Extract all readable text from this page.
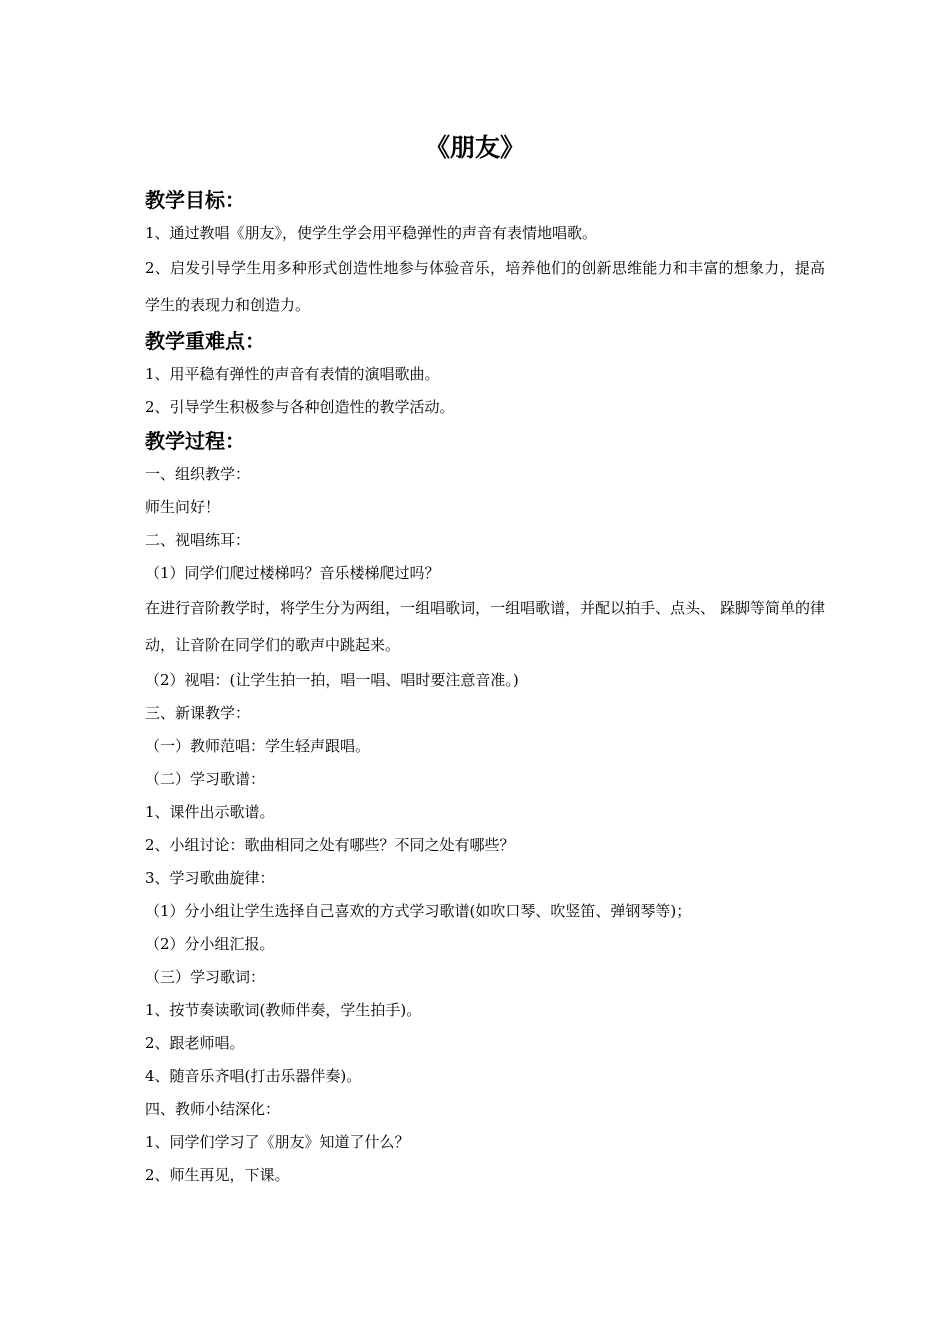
《朋友》
教学目标：

1、通过教唱《朋友》，使学生学会用平稳弹性的声音有表情地唱歌。

2、启发引导学生用多种形式创造性地参与体验音乐，培养他们的创新思维能力和丰富的想象力，提高学生的表现力和创造力。

教学重难点：

1、用平稳有弹性的声音有表情的演唱歌曲。

2、引导学生积极参与各种创造性的教学活动。

教学过程：

一、组织教学：

师生问好！

二、视唱练耳：

（1）同学们爬过楼梯吗？音乐楼梯爬过吗？

在进行音阶教学时，将学生分为两组，一组唱歌词，一组唱歌谱，并配以拍手、点头、 跺脚等简单的律动，让音阶在同学们的歌声中跳起来。

（2）视唱：(让学生拍一拍，唱一唱、唱时要注意音准。)

三、新课教学：

（一）教师范唱：学生轻声跟唱。

（二）学习歌谱：

1、课件出示歌谱。

2、小组讨论：歌曲相同之处有哪些？不同之处有哪些？

3、学习歌曲旋律：

（1）分小组让学生选择自己喜欢的方式学习歌谱(如吹口琴、吹竖笛、弹钢琴等)；

（2）分小组汇报。

（三）学习歌词：

1、按节奏读歌词(教师伴奏，学生拍手)。

2、跟老师唱。

4、随音乐齐唱(打击乐器伴奏)。

四、教师小结深化：

1、同学们学习了《朋友》知道了什么？

2、师生再见，下课。
